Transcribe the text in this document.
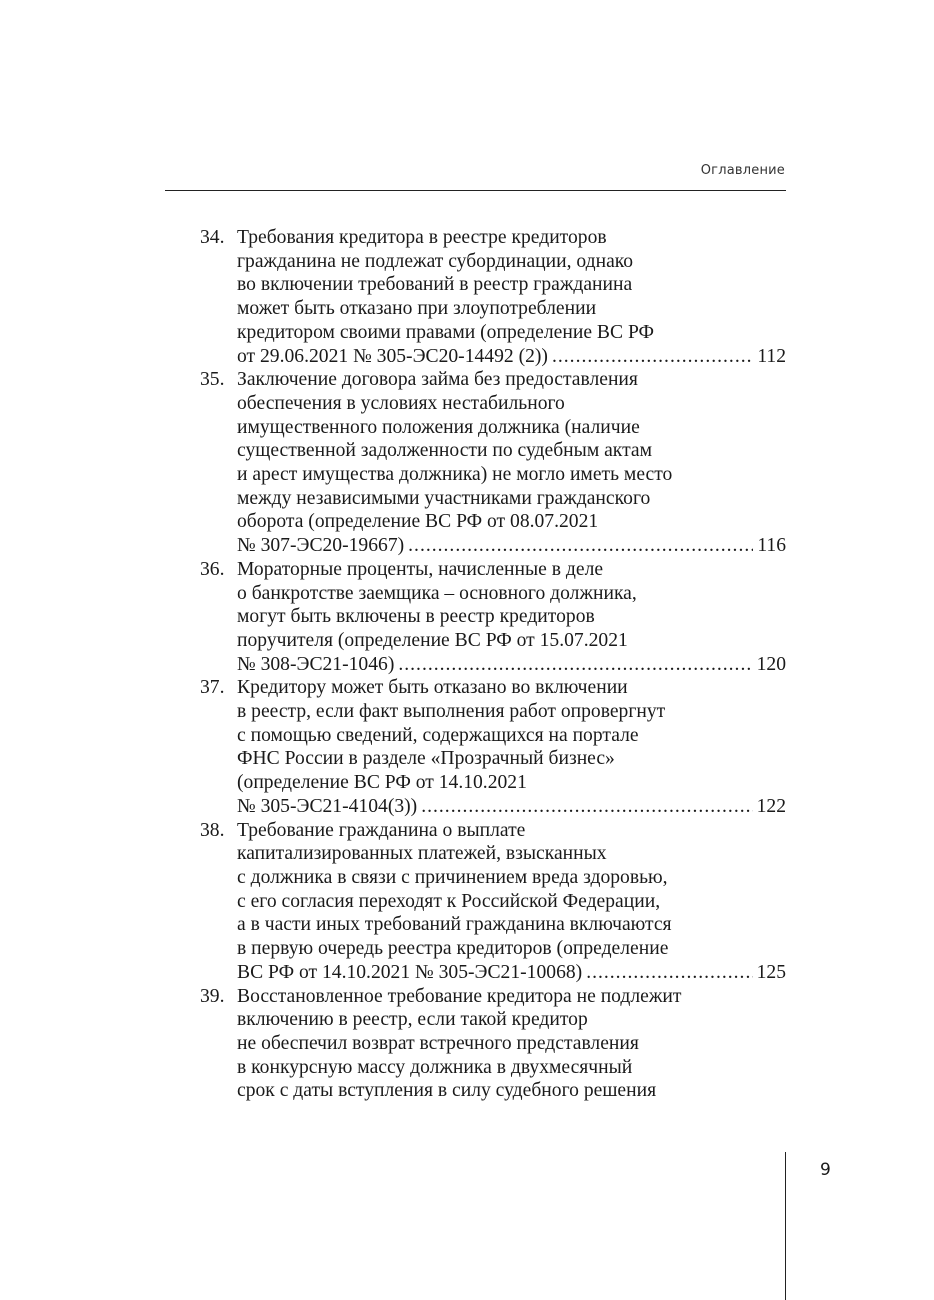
Оглавление
34. Требования кредитора в реестре кредиторов
гражданина не подлежат субординации, однако
во включении требований в реестр гражданина
может быть отказано при злоупотреблении
кредитором своими правами (определение ВС РФ
от 29.06.2021 № 305-ЭС20-14492 (2)) .....	112
35. Заключение договора займа без предоставления
обеспечения в условиях нестабильного
имущественного положения должника (наличие
существенной задолженности по судебным актам
и арест имущества должника) не могло иметь место
между независимыми участниками гражданского
оборота (определение ВС РФ от 08.07.2021
№ 307-ЭС20-19667) .....	116
36. Мораторные проценты, начисленные в деле
о банкротстве заемщика – основного должника,
могут быть включены в реестр кредиторов
поручителя (определение ВС РФ от 15.07.2021
№ 308-ЭС21-1046) .....	120
37. Кредитору может быть отказано во включении
в реестр, если факт выполнения работ опровергнут
с помощью сведений, содержащихся на портале
ФНС России в разделе «Прозрачный бизнес»
(определение ВС РФ от 14.10.2021
№ 305-ЭС21-4104(3)) .....	122
38. Требование гражданина о выплате
капитализированных платежей, взысканных
с должника в связи с причинением вреда здоровью,
с его согласия переходят к Российской Федерации,
а в части иных требований гражданина включаются
в первую очередь реестра кредиторов (определение
ВС РФ от 14.10.2021 № 305-ЭС21-10068) .....	125
39. Восстановленное требование кредитора не подлежит
включению в реестр, если такой кредитор
не обеспечил возврат встречного представления
в конкурсную массу должника в двухмесячный
срок с даты вступления в силу судебного решения
9
